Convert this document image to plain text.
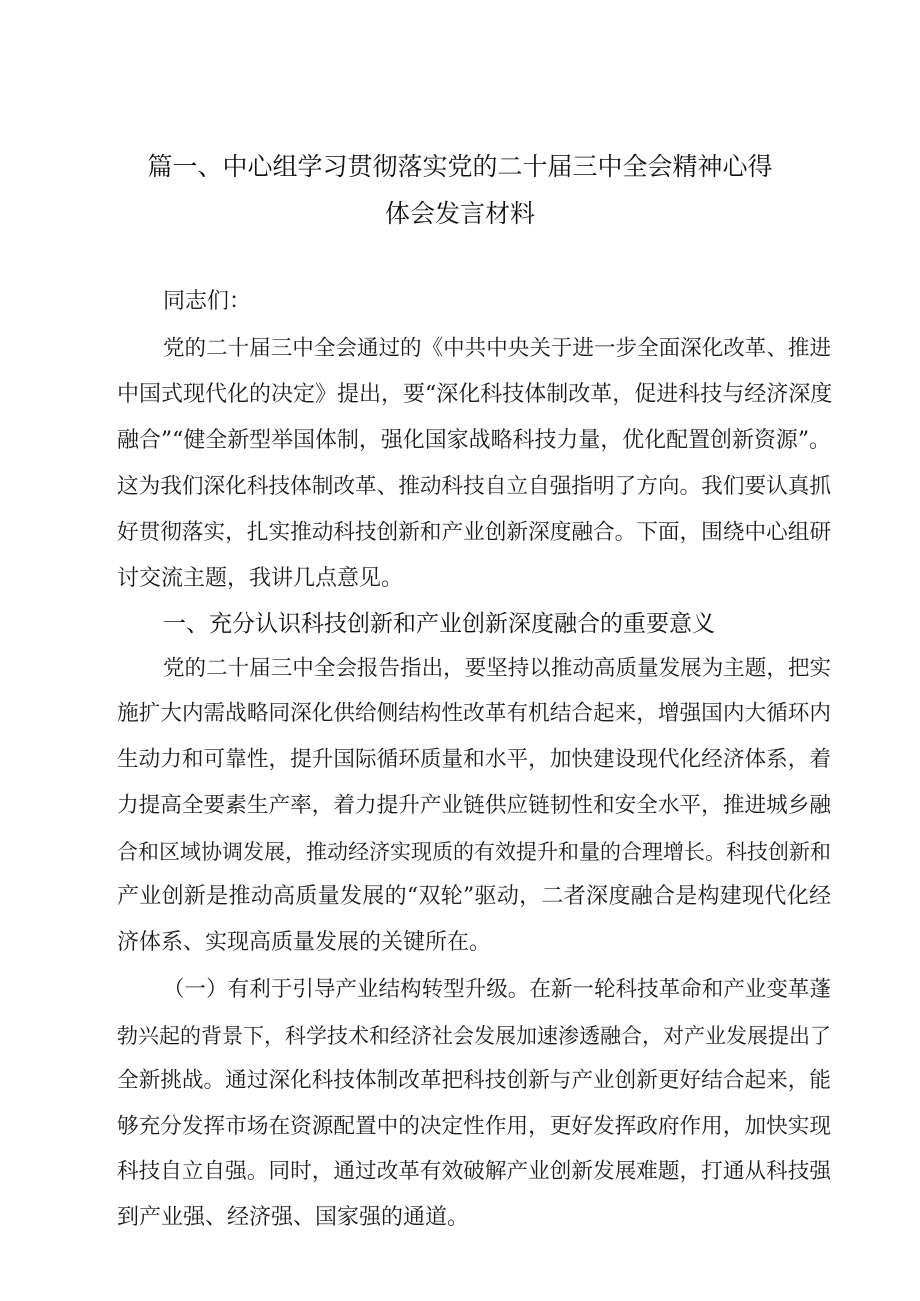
篇一、中心组学习贯彻落实党的二十届三中全会精神心得
体会发言材料
同志们：
党的二十届三中全会通过的《中共中央关于进一步全面深化改革、推进
中国式现代化的决定》提出，要“深化科技体制改革，促进科技与经济深度
融合”“健全新型举国体制，强化国家战略科技力量，优化配置创新资源”。
这为我们深化科技体制改革、推动科技自立自强指明了方向。我们要认真抓
好贯彻落实，扎实推动科技创新和产业创新深度融合。下面，围绕中心组研
讨交流主题，我讲几点意见。
一、充分认识科技创新和产业创新深度融合的重要意义
党的二十届三中全会报告指出，要坚持以推动高质量发展为主题，把实
施扩大内需战略同深化供给侧结构性改革有机结合起来，增强国内大循环内
生动力和可靠性，提升国际循环质量和水平，加快建设现代化经济体系，着
力提高全要素生产率，着力提升产业链供应链韧性和安全水平，推进城乡融
合和区域协调发展，推动经济实现质的有效提升和量的合理增长。科技创新和
产业创新是推动高质量发展的“双轮”驱动，二者深度融合是构建现代化经
济体系、实现高质量发展的关键所在。
（一）有利于引导产业结构转型升级。在新一轮科技革命和产业变革蓬
勃兴起的背景下，科学技术和经济社会发展加速渗透融合，对产业发展提出了
全新挑战。通过深化科技体制改革把科技创新与产业创新更好结合起来，能
够充分发挥市场在资源配置中的决定性作用，更好发挥政府作用，加快实现
科技自立自强。同时，通过改革有效破解产业创新发展难题，打通从科技强
到产业强、经济强、国家强的通道。
